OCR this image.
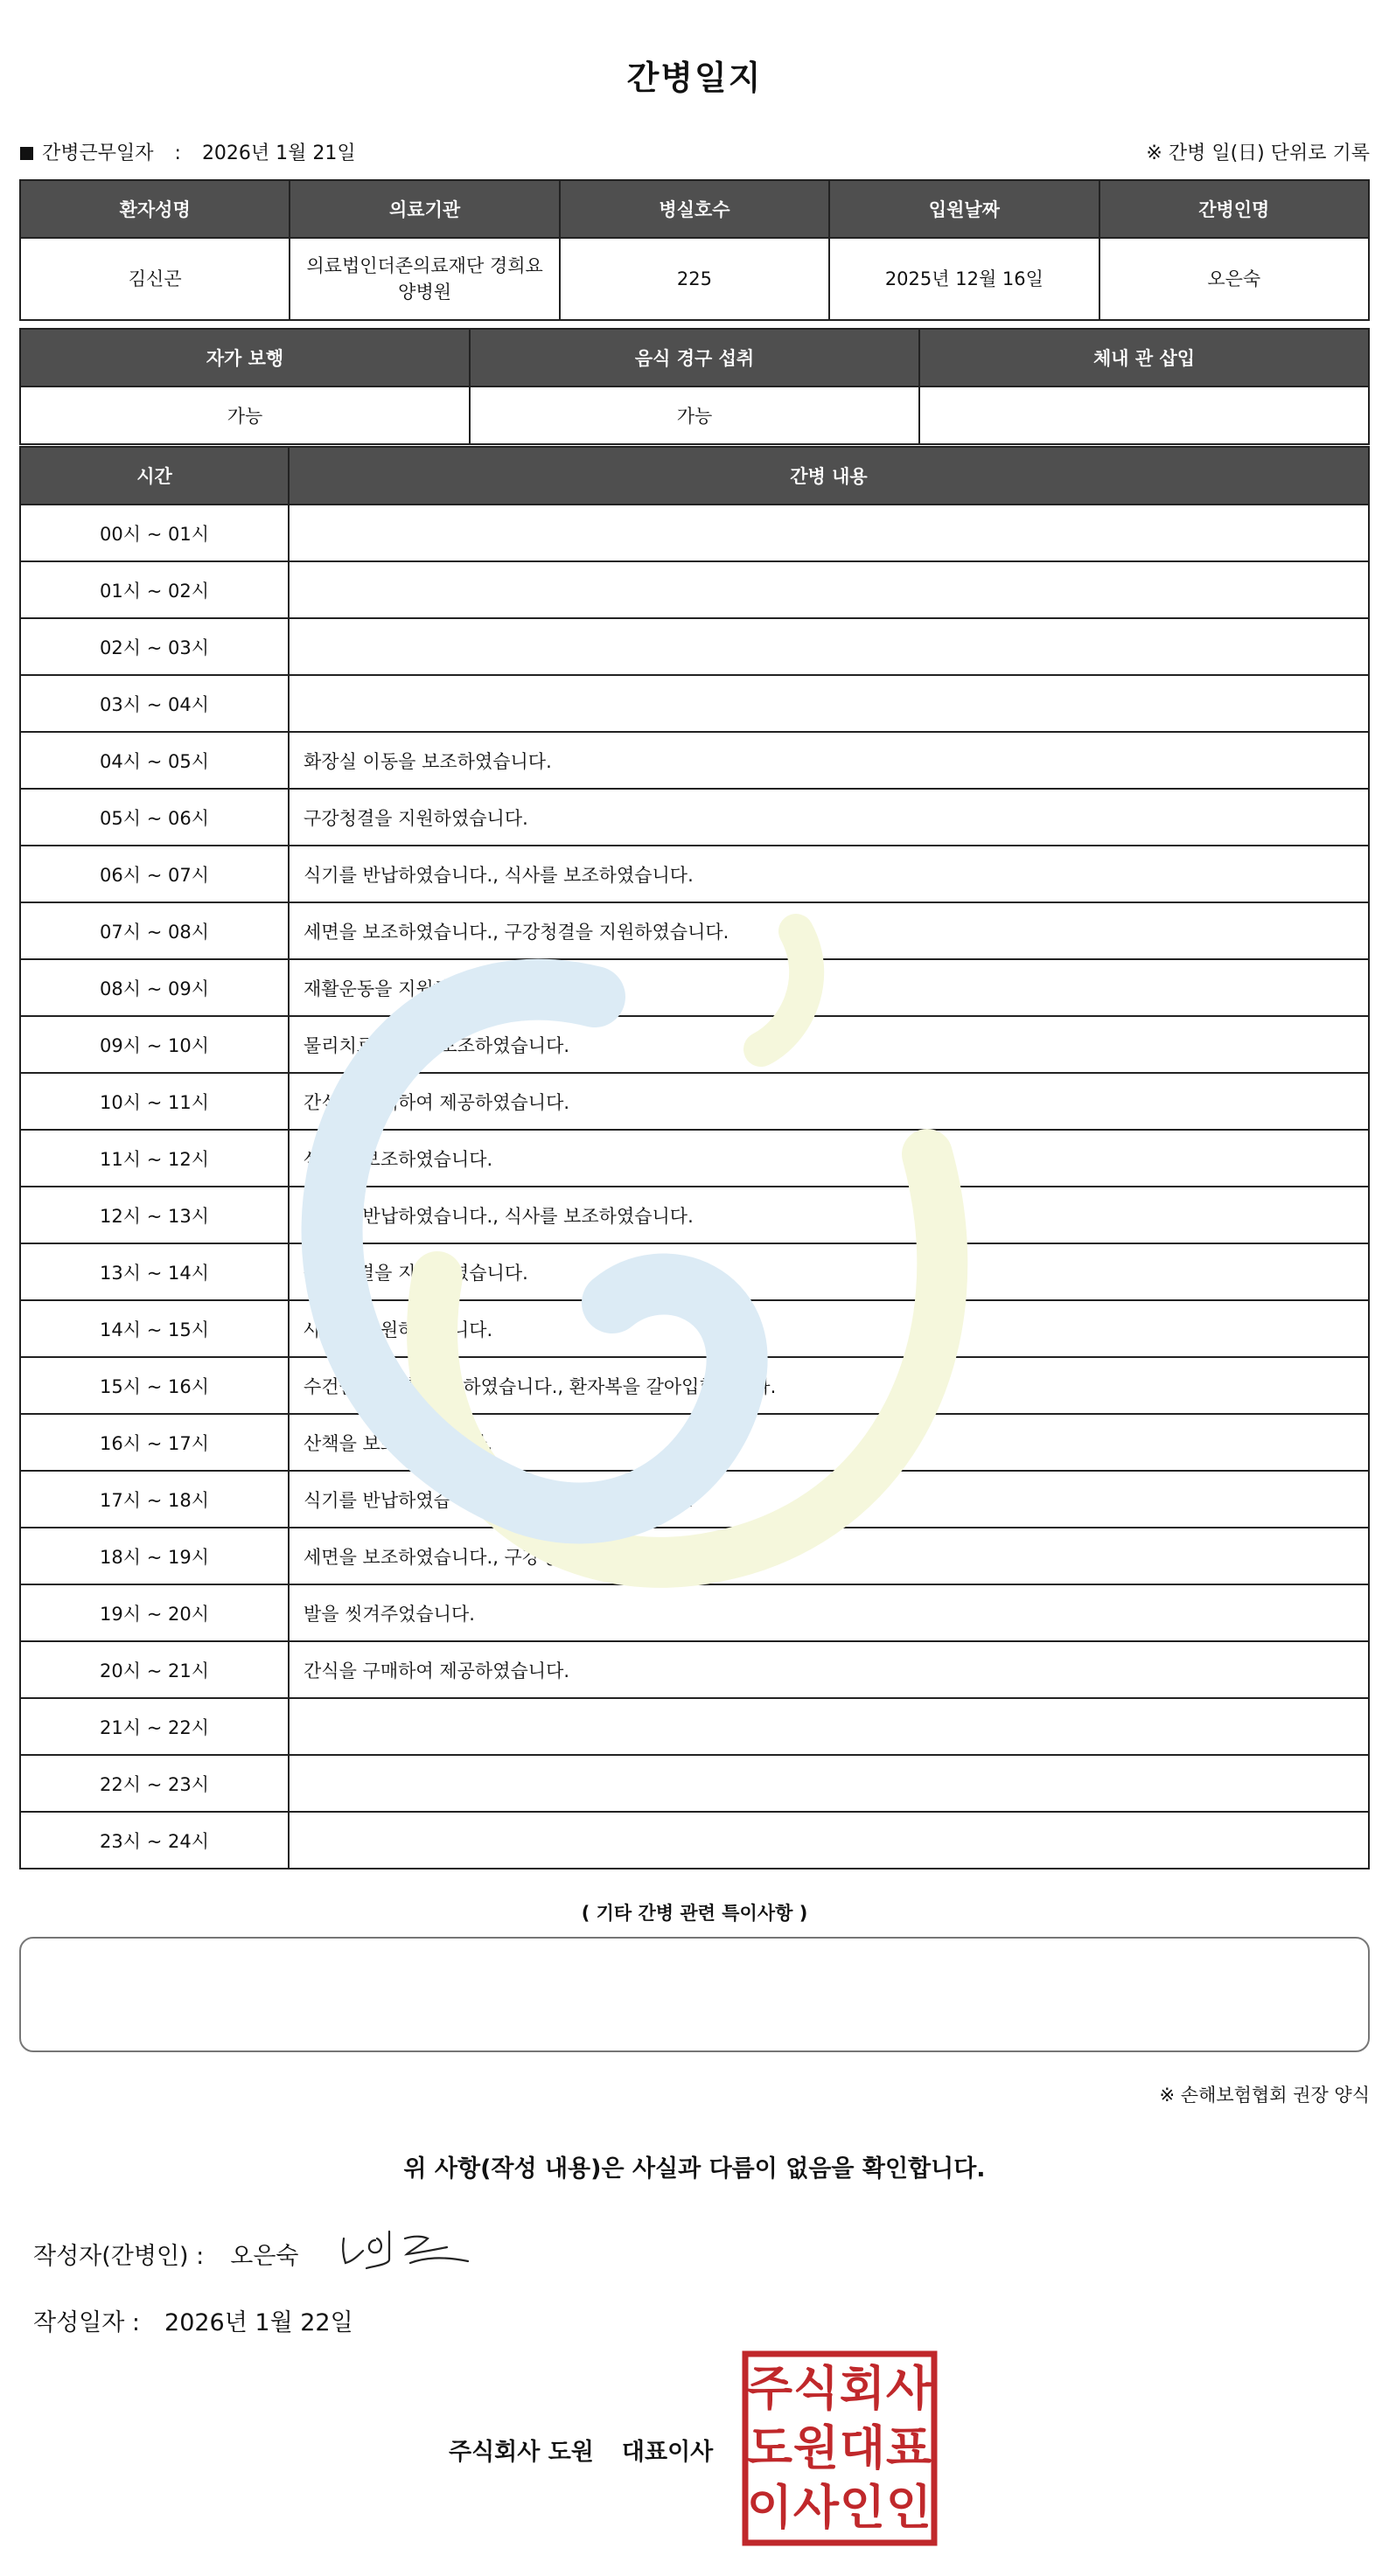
간병일지
간병근무일자 : 2026년 1월 21일	※ 간병 일(日) 단위로 기록
환자성명	의료기관	병실호수	입원날짜	간병인명
김신곤	의료법인더존의료재단 경희요양병원	225	2025년 12월 16일	오은숙
자가 보행	음식 경구 섭취	체내 관 삽입
가능	가능	
시간	간병 내용
00시 ~ 01시	
01시 ~ 02시	
02시 ~ 03시	
03시 ~ 04시	
04시 ~ 05시	화장실 이동을 보조하였습니다.
05시 ~ 06시	구강청결을 지원하였습니다.
06시 ~ 07시	식기를 반납하였습니다., 식사를 보조하였습니다.
07시 ~ 08시	세면을 보조하였습니다., 구강청결을 지원하였습니다.
08시 ~ 09시	재활운동을 지원하였습니다.
09시 ~ 10시	물리치료 이동을 보조하였습니다.
10시 ~ 11시	간식을 구매하여 제공하였습니다.
11시 ~ 12시	산책을 보조하였습니다.
12시 ~ 13시	식기를 반납하였습니다., 식사를 보조하였습니다.
13시 ~ 14시	구강청결을 지원하였습니다.
14시 ~ 15시	샤워를 지원하였습니다.
15시 ~ 16시	수건을 세탁 후 교환하였습니다., 환자복을 갈아입혔습니다.
16시 ~ 17시	산책을 보조하였습니다.
17시 ~ 18시	식기를 반납하였습니다., 식사를 보조하였습니다.
18시 ~ 19시	세면을 보조하였습니다., 구강청결을 지원하였습니다.
19시 ~ 20시	발을 씻겨주었습니다.
20시 ~ 21시	간식을 구매하여 제공하였습니다.
21시 ~ 22시	
22시 ~ 23시	
23시 ~ 24시	
( 기타 간병 관련 특이사항 )
※ 손해보험협회 권장 양식
위 사항(작성 내용)은 사실과 다름이 없음을 확인합니다.
작성자(간병인) : 오은숙
작성일자 : 2026년 1월 22일
주식회사 도원 대표이사
주 식 회 사
도 원 대 표
이 사 인 인
